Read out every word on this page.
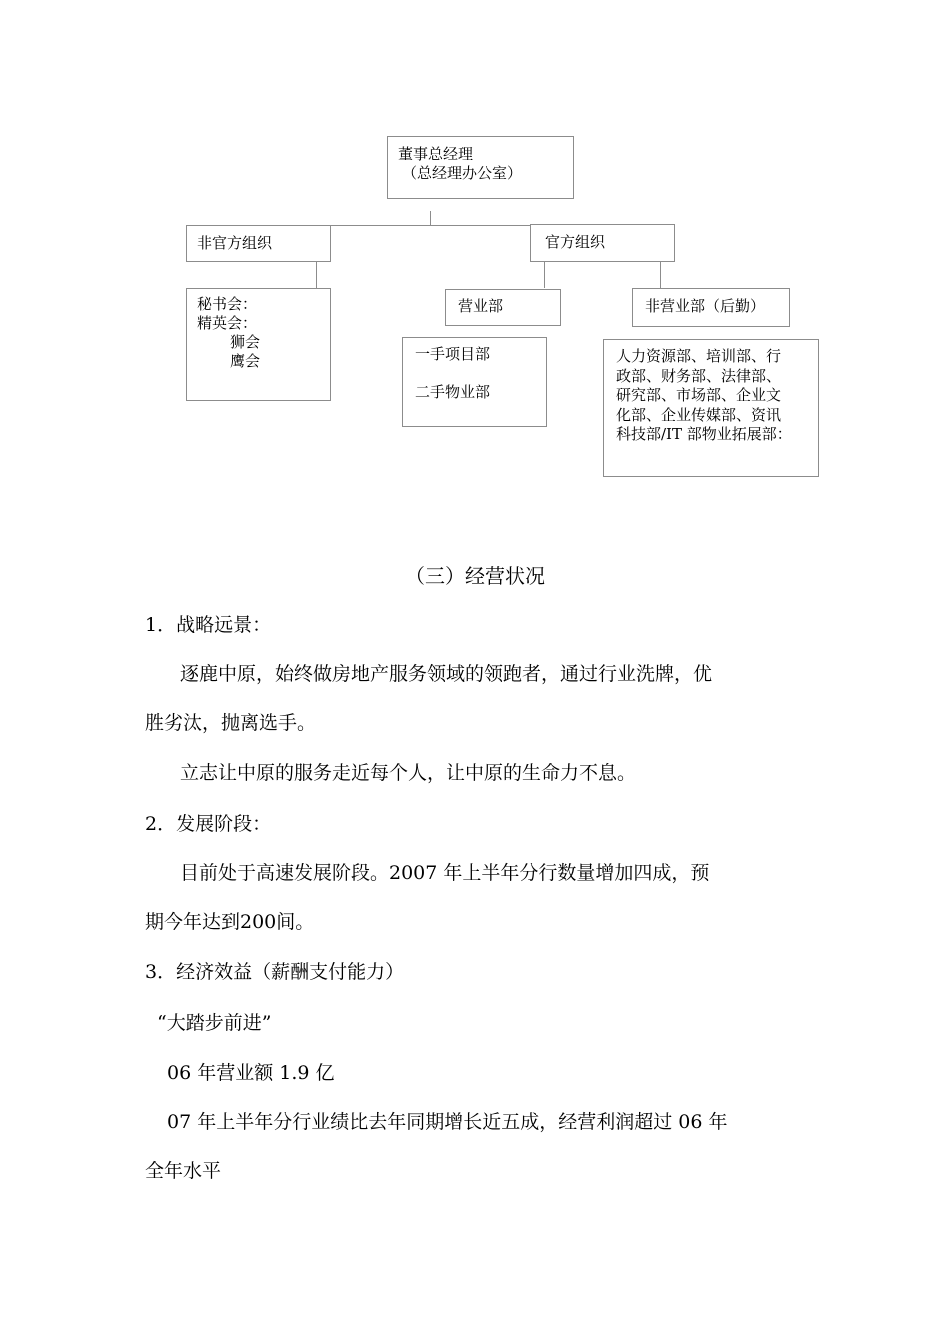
董事总经理
（总经理办公室）
非官方组织	官方组织
秘书会：
精英会：
狮会
鹰会
营业部	非营业部（后勤）
一手项目部
二手物业部
人力资源部、培训部、行
政部、财务部、法律部、
研究部、市场部、企业文
化部、企业传媒部、资讯
科技部/IT 部物业拓展部：
（三）经营状况
1．战略远景：
逐鹿中原，始终做房地产服务领域的领跑者，通过行业洗牌，优
胜劣汰，抛离选手。
立志让中原的服务走近每个人，让中原的生命力不息。
2．发展阶段：
目前处于高速发展阶段。2007 年上半年分行数量增加四成，预
期今年达到200间。
3．经济效益（薪酬支付能力）
“大踏步前进”
06 年营业额 1.9 亿
07 年上半年分行业绩比去年同期增长近五成，经营利润超过 06 年
全年水平
